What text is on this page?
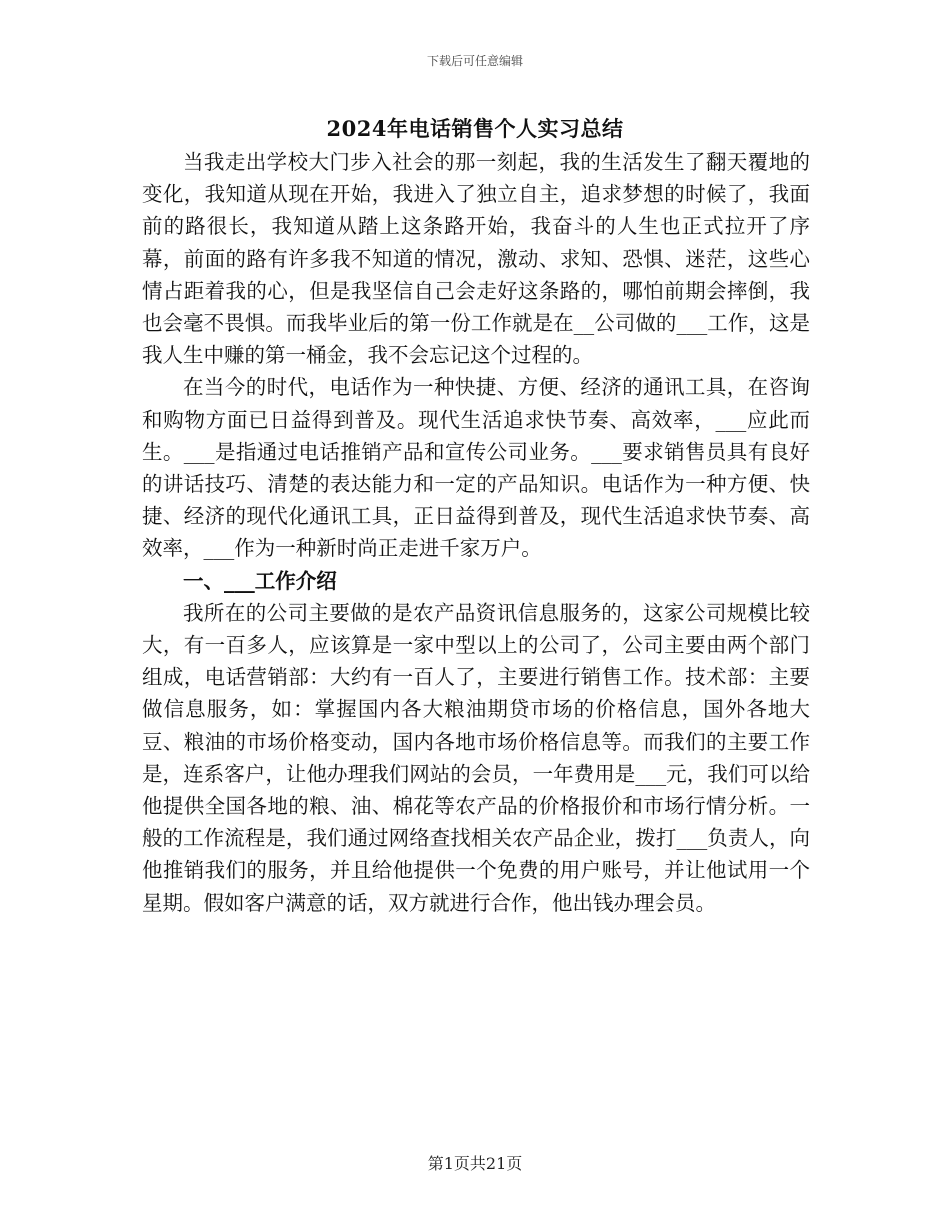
下载后可任意编辑
2024年电话销售个人实习总结

当我走出学校大门步入社会的那一刻起，我的生活发生了翻天覆地的变化，我知道从现在开始，我进入了独立自主，追求梦想的时候了，我面前的路很长，我知道从踏上这条路开始，我奋斗的人生也正式拉开了序幕，前面的路有许多我不知道的情况，激动、求知、恐惧、迷茫，这些心情占距着我的心，但是我坚信自己会走好这条路的，哪怕前期会摔倒，我也会毫不畏惧。而我毕业后的第一份工作就是在__公司做的___工作，这是我人生中赚的第一桶金，我不会忘记这个过程的。

在当今的时代，电话作为一种快捷、方便、经济的通讯工具，在咨询和购物方面已日益得到普及。现代生活追求快节奏、高效率，___应此而生。___是指通过电话推销产品和宣传公司业务。___要求销售员具有良好的讲话技巧、清楚的表达能力和一定的产品知识。电话作为一种方便、快捷、经济的现代化通讯工具，正日益得到普及，现代生活追求快节奏、高效率，___作为一种新时尚正走进千家万户。

一、___工作介绍

我所在的公司主要做的是农产品资讯信息服务的，这家公司规模比较大，有一百多人，应该算是一家中型以上的公司了，公司主要由两个部门组成，电话营销部：大约有一百人了，主要进行销售工作。技术部：主要做信息服务，如：掌握国内各大粮油期贷市场的价格信息，国外各地大豆、粮油的市场价格变动，国内各地市场价格信息等。而我们的主要工作是，连系客户，让他办理我们网站的会员，一年费用是___元，我们可以给他提供全国各地的粮、油、棉花等农产品的价格报价和市场行情分析。一般的工作流程是，我们通过网络查找相关农产品企业，拨打___负责人，向他推销我们的服务，并且给他提供一个免费的用户账号，并让他试用一个星期。假如客户满意的话，双方就进行合作，他出钱办理会员。

第1页共21页
